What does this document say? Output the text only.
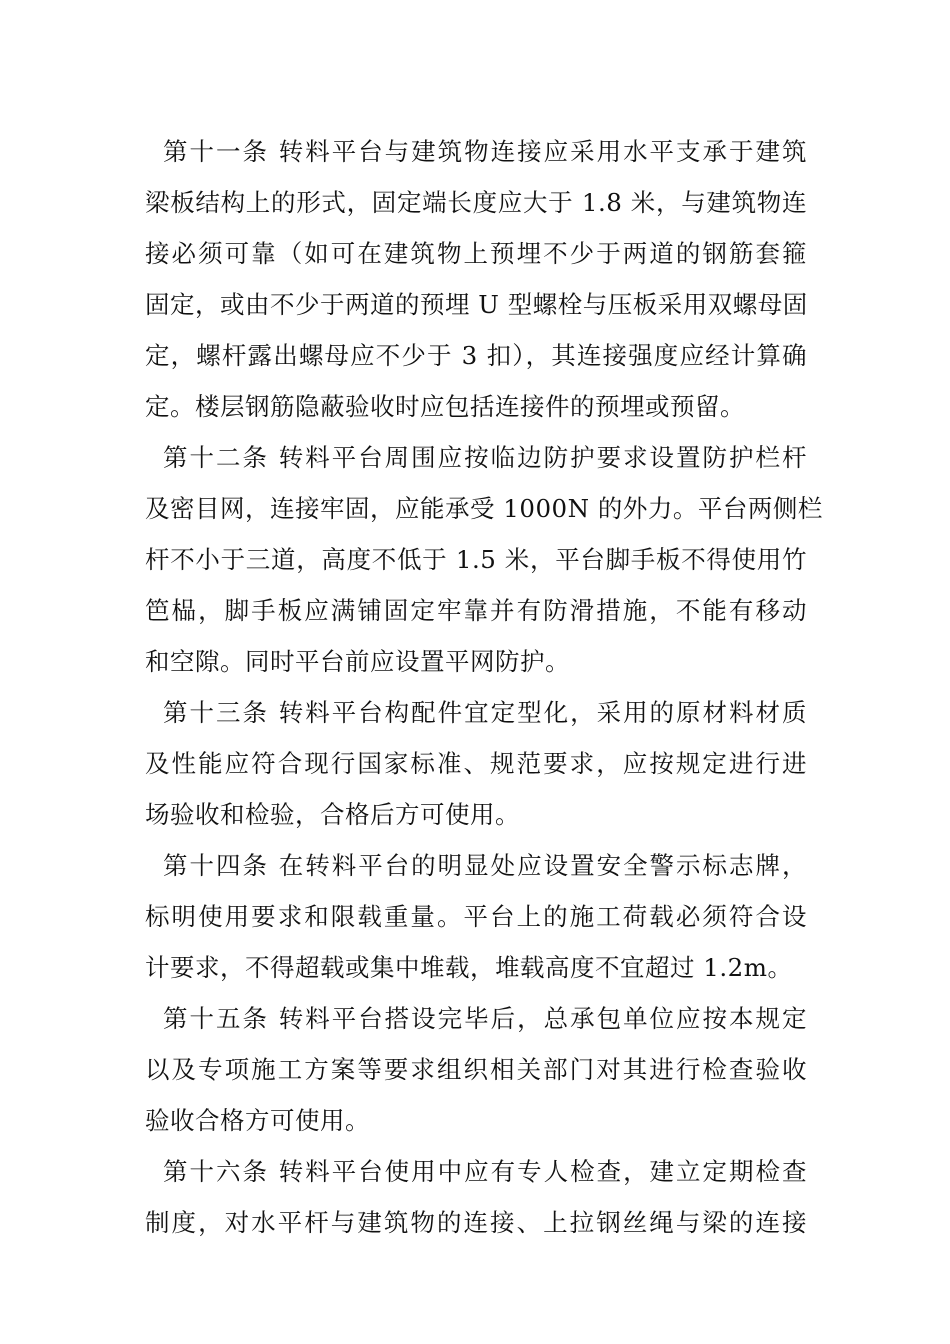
第十一条 转料平台与建筑物连接应采用水平支承于建筑
梁板结构上的形式，固定端长度应大于 1.8 米，与建筑物连
接必须可靠（如可在建筑物上预埋不少于两道的钢筋套箍
固定，或由不少于两道的预埋 U 型螺栓与压板采用双螺母固
定，螺杆露出螺母应不少于 3 扣），其连接强度应经计算确
定。楼层钢筋隐蔽验收时应包括连接件的预埋或预留。
第十二条 转料平台周围应按临边防护要求设置防护栏杆
及密目网，连接牢固，应能承受 1000N 的外力。平台两侧栏
杆不小于三道，高度不低于 1.5 米，平台脚手板不得使用竹
笆榀，脚手板应满铺固定牢靠并有防滑措施，不能有移动
和空隙。同时平台前应设置平网防护。
第十三条 转料平台构配件宜定型化，采用的原材料材质
及性能应符合现行国家标准、规范要求，应按规定进行进
场验收和检验，合格后方可使用。
第十四条 在转料平台的明显处应设置安全警示标志牌，
标明使用要求和限载重量。平台上的施工荷载必须符合设
计要求，不得超载或集中堆载，堆载高度不宜超过 1.2m。
第十五条 转料平台搭设完毕后，总承包单位应按本规定
以及专项施工方案等要求组织相关部门对其进行检查验收
验收合格方可使用。
第十六条 转料平台使用中应有专人检查，建立定期检查
制度，对水平杆与建筑物的连接、上拉钢丝绳与梁的连接
